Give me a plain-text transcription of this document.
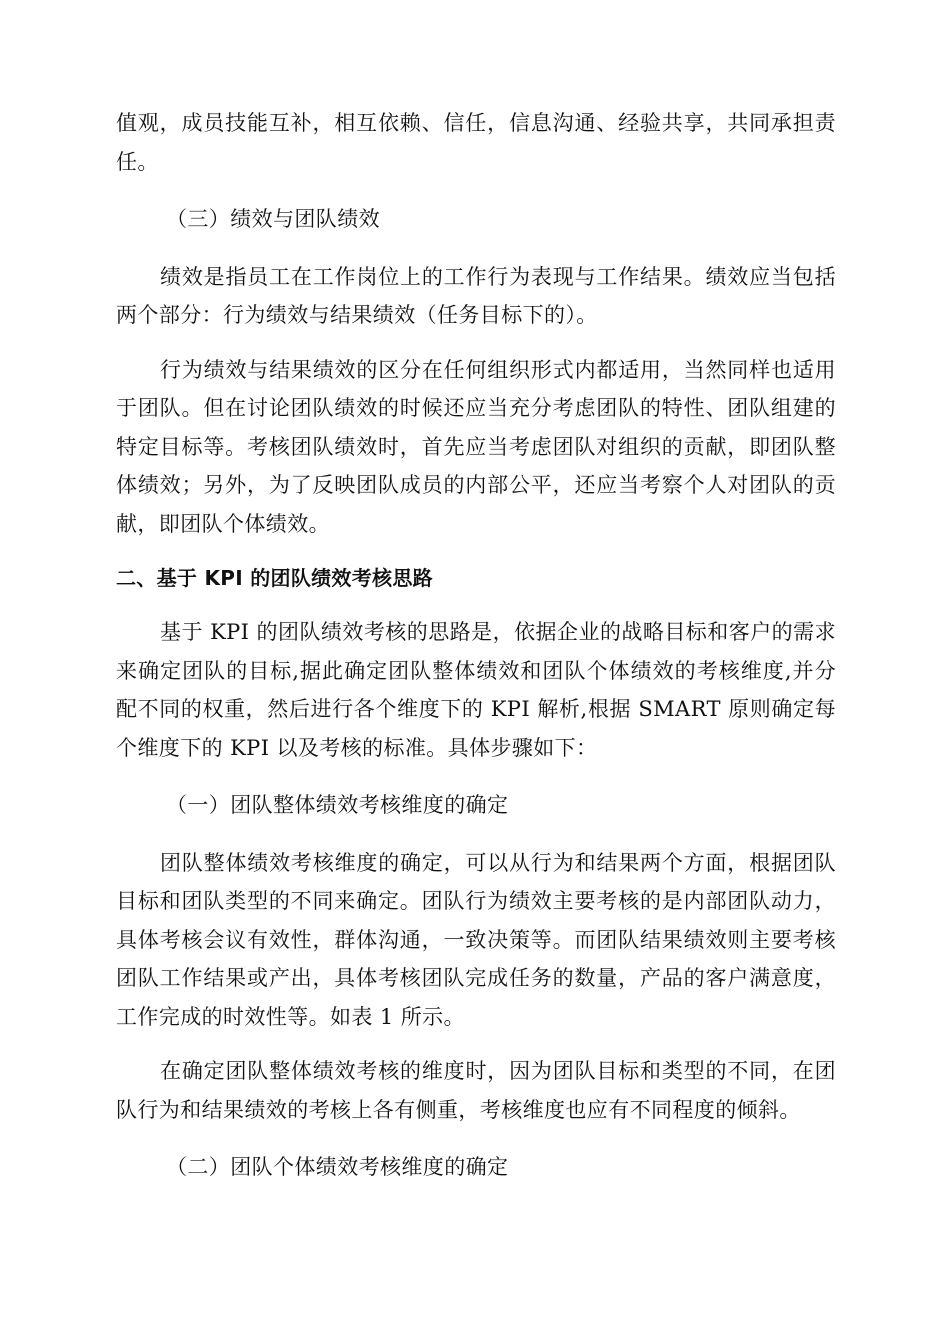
值观，成员技能互补，相互依赖、信任，信息沟通、经验共享，共同承担责任。

（三）绩效与团队绩效

绩效是指员工在工作岗位上的工作行为表现与工作结果。绩效应当包括两个部分：行为绩效与结果绩效（任务目标下的）。

行为绩效与结果绩效的区分在任何组织形式内都适用，当然同样也适用于团队。但在讨论团队绩效的时候还应当充分考虑团队的特性、团队组建的特定目标等。考核团队绩效时，首先应当考虑团队对组织的贡献，即团队整体绩效；另外，为了反映团队成员的内部公平，还应当考察个人对团队的贡献，即团队个体绩效。

二、基于 KPI 的团队绩效考核思路

基于 KPI 的团队绩效考核的思路是，依据企业的战略目标和客户的需求来确定团队的目标,据此确定团队整体绩效和团队个体绩效的考核维度,并分配不同的权重，然后进行各个维度下的 KPI 解析,根据 SMART 原则确定每个维度下的 KPI 以及考核的标准。具体步骤如下：

（一）团队整体绩效考核维度的确定

团队整体绩效考核维度的确定，可以从行为和结果两个方面，根据团队目标和团队类型的不同来确定。团队行为绩效主要考核的是内部团队动力，具体考核会议有效性，群体沟通，一致决策等。而团队结果绩效则主要考核团队工作结果或产出，具体考核团队完成任务的数量，产品的客户满意度，工作完成的时效性等。如表 1 所示。

在确定团队整体绩效考核的维度时，因为团队目标和类型的不同，在团队行为和结果绩效的考核上各有侧重，考核维度也应有不同程度的倾斜。

（二）团队个体绩效考核维度的确定
